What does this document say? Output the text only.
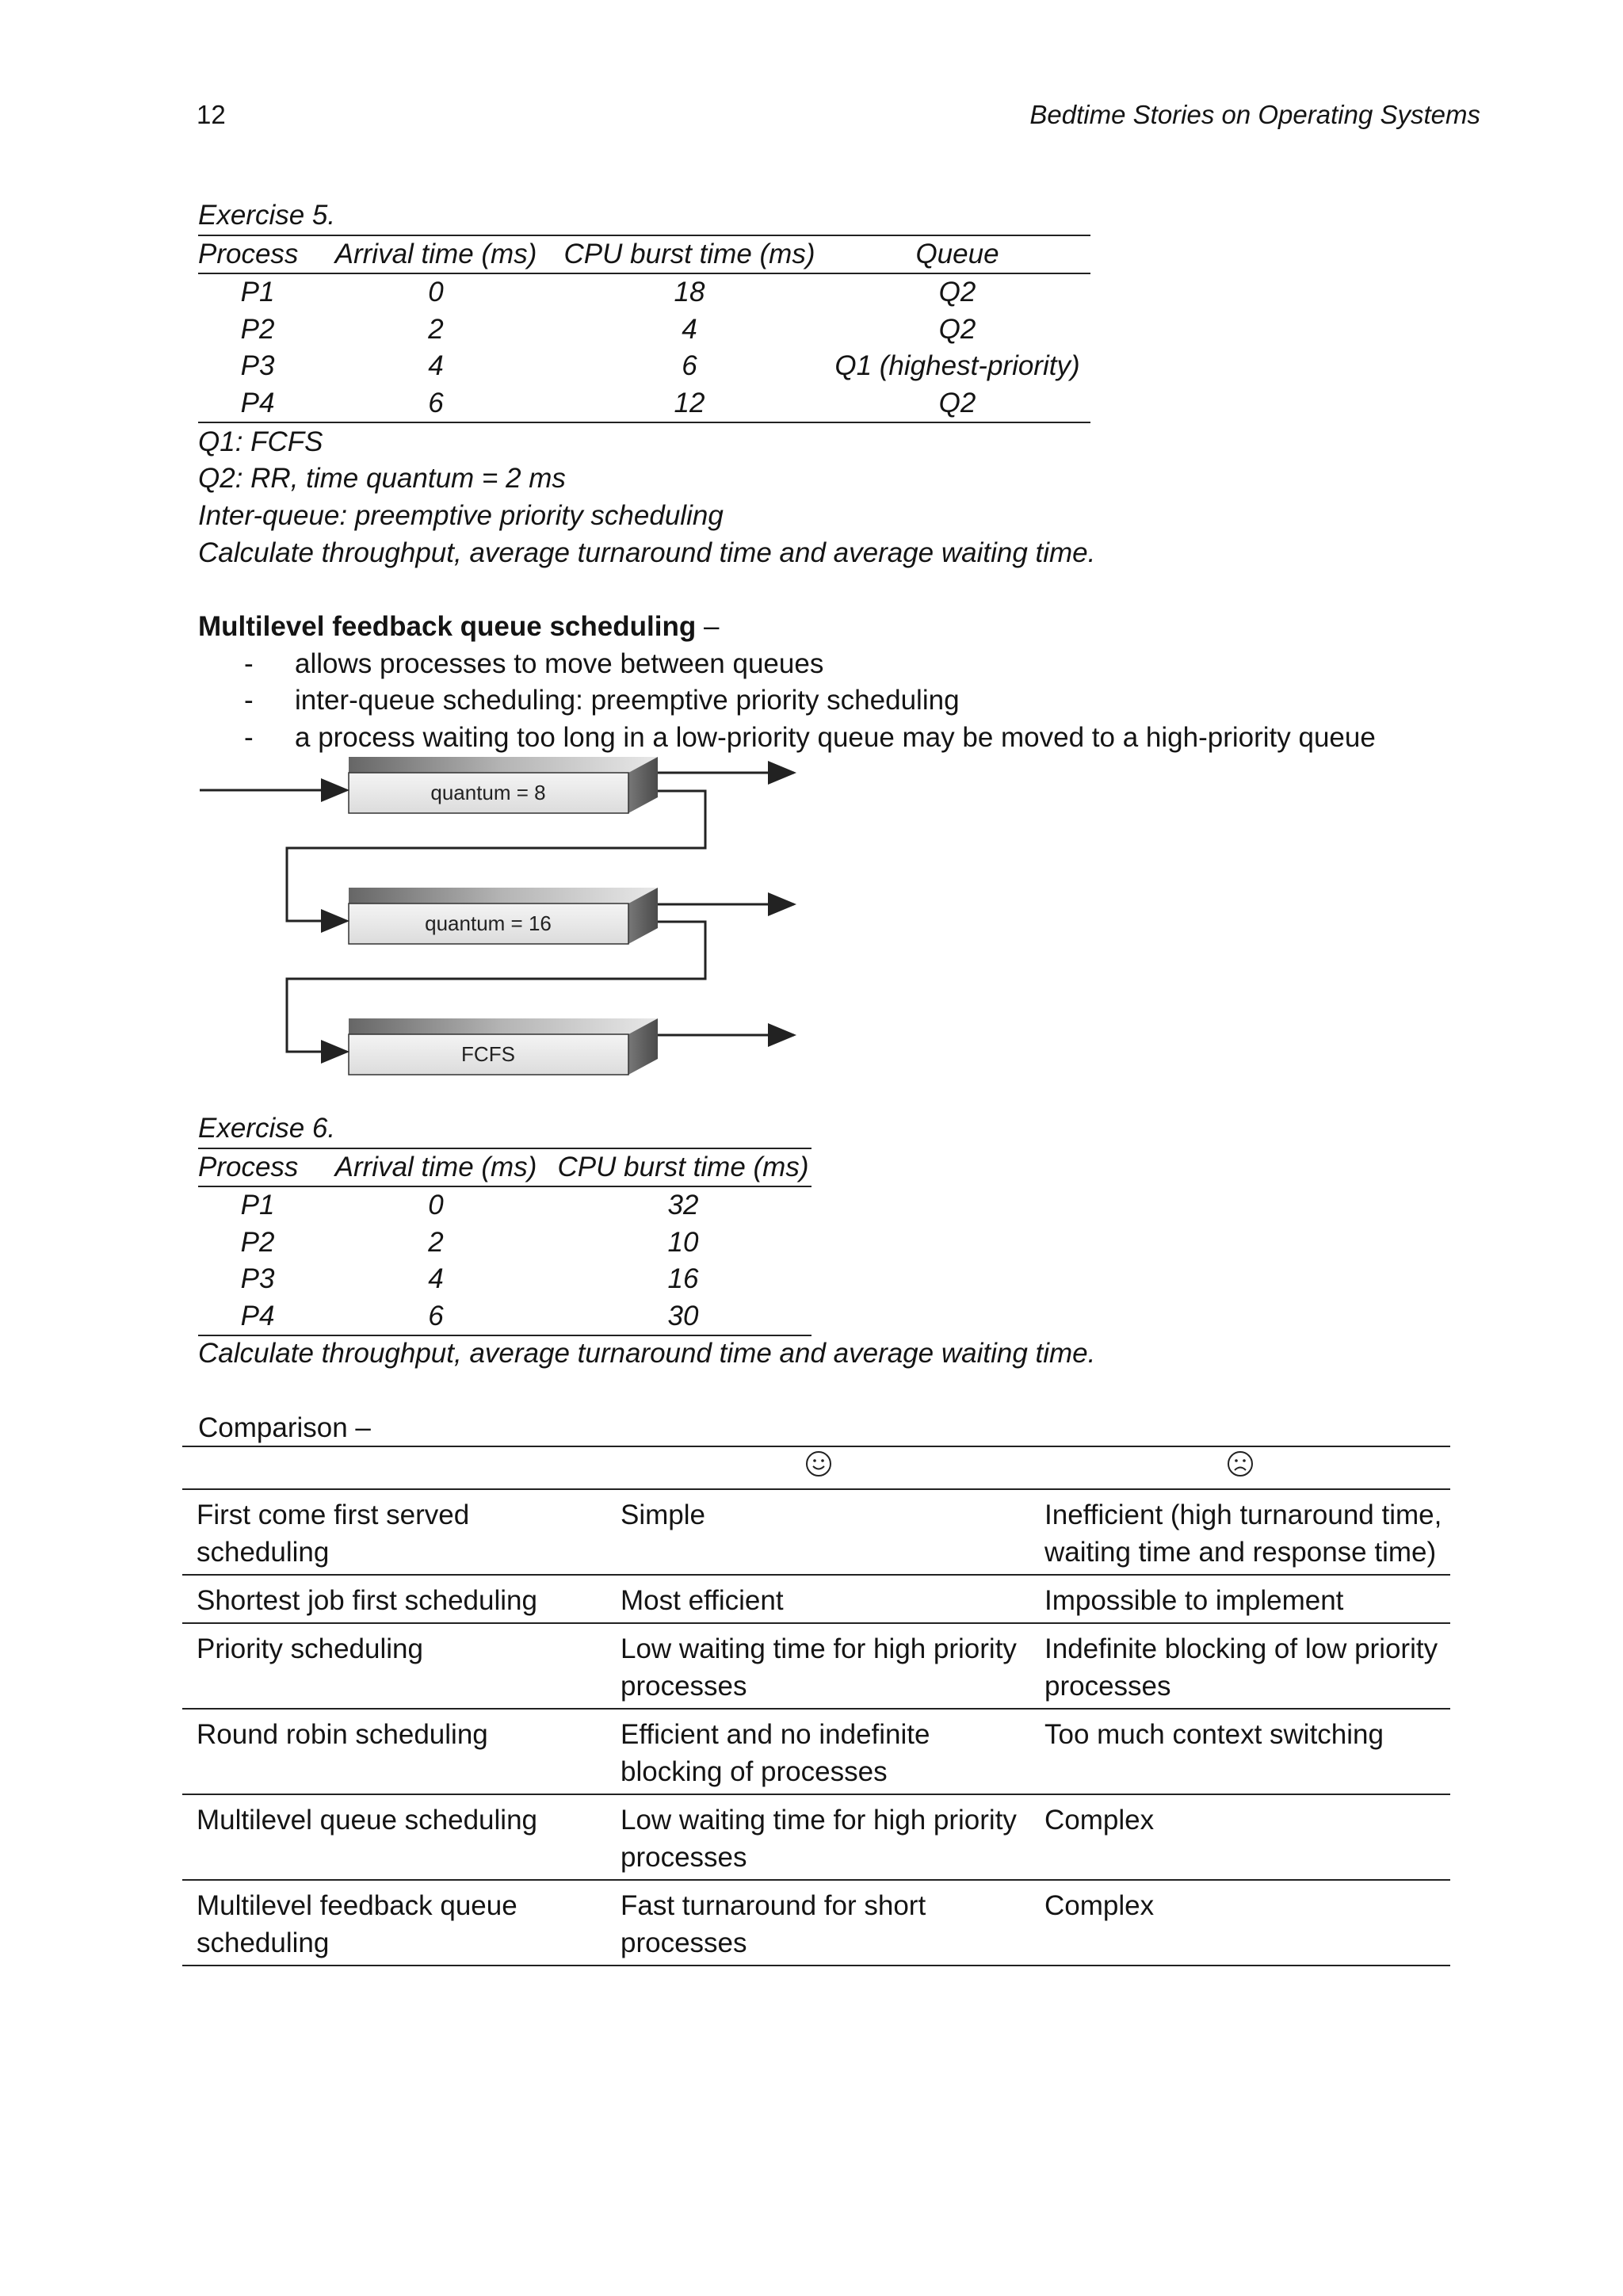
12	Bedtime Stories on Operating Systems
Exercise 5.
Process	Arrival time (ms)	CPU burst time (ms)	Queue
P1	0	18	Q2
P2	2	4	Q2
P3	4	6	Q1 (highest-priority)
P4	6	12	Q2
Q1: FCFS
Q2: RR, time quantum = 2 ms
Inter-queue: preemptive priority scheduling
Calculate throughput, average turnaround time and average waiting time.
Multilevel feedback queue scheduling –
- allows processes to move between queues
- inter-queue scheduling: preemptive priority scheduling
- a process waiting too long in a low-priority queue may be moved to a high-priority queue
quantum = 8
quantum = 16
FCFS
Exercise 6.
Process	Arrival time (ms)	CPU burst time (ms)
P1	0	32
P2	2	10
P3	4	16
P4	6	30
Calculate throughput, average turnaround time and average waiting time.
Comparison –

First come first served scheduling	Simple	Inefficient (high turnaround time, waiting time and response time)
Shortest job first scheduling	Most efficient	Impossible to implement
Priority scheduling	Low waiting time for high priority processes	Indefinite blocking of low priority processes
Round robin scheduling	Efficient and no indefinite blocking of processes	Too much context switching
Multilevel queue scheduling	Low waiting time for high priority processes	Complex
Multilevel feedback queue scheduling	Fast turnaround for short processes	Complex
